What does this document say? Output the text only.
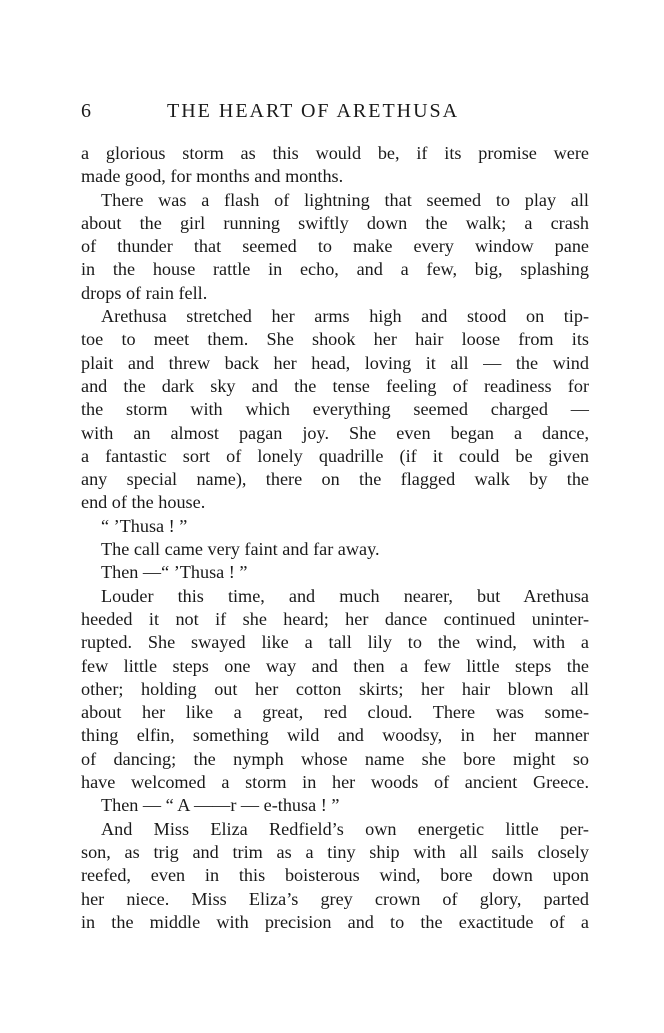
6	THE HEART OF ARETHUSA
a glorious storm as this would be, if its promise were
made good, for months and months.
There was a flash of lightning that seemed to play all
about the girl running swiftly down the walk; a crash
of thunder that seemed to make every window pane
in the house rattle in echo, and a few, big, splashing
drops of rain fell.
Arethusa stretched her arms high and stood on tip-
toe to meet them. She shook her hair loose from its
plait and threw back her head, loving it all — the wind
and the dark sky and the tense feeling of readiness for
the storm with which everything seemed charged —
with an almost pagan joy. She even began a dance,
a fantastic sort of lonely quadrille (if it could be given
any special name), there on the flagged walk by the
end of the house.
“ ’Thusa ! ”
The call came very faint and far away.
Then —“ ’Thusa ! ”
Louder this time, and much nearer, but Arethusa
heeded it not if she heard; her dance continued uninter-
rupted. She swayed like a tall lily to the wind, with a
few little steps one way and then a few little steps the
other; holding out her cotton skirts; her hair blown all
about her like a great, red cloud. There was some-
thing elfin, something wild and woodsy, in her manner
of dancing; the nymph whose name she bore might so
have welcomed a storm in her woods of ancient Greece.
Then — “ A ——r — e-thusa ! ”
And Miss Eliza Redfield’s own energetic little per-
son, as trig and trim as a tiny ship with all sails closely
reefed, even in this boisterous wind, bore down upon
her niece. Miss Eliza’s grey crown of glory, parted
in the middle with precision and to the exactitude of a
